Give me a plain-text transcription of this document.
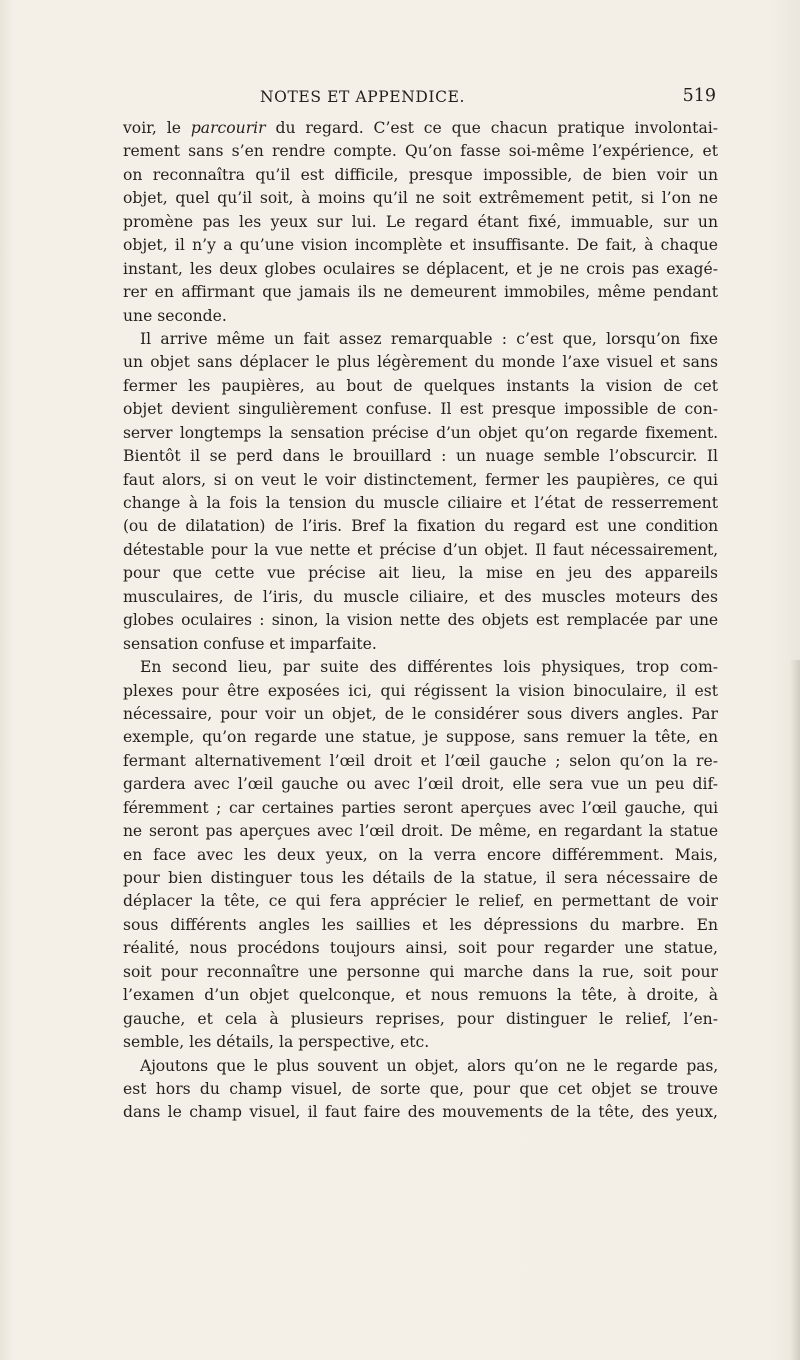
NOTES ET APPENDICE.	519
voir, le parcourir du regard. C’est ce que chacun pratique involontai-
rement sans s’en rendre compte. Qu’on fasse soi-même l’expérience, et
on reconnaîtra qu’il est difficile, presque impossible, de bien voir un
objet, quel qu’il soit, à moins qu’il ne soit extrêmement petit, si l’on ne
promène pas les yeux sur lui. Le regard étant fixé, immuable, sur un
objet, il n’y a qu’une vision incomplète et insuffisante. De fait, à chaque
instant, les deux globes oculaires se déplacent, et je ne crois pas exagé-
rer en affirmant que jamais ils ne demeurent immobiles, même pendant
une seconde.
Il arrive même un fait assez remarquable : c’est que, lorsqu’on fixe
un objet sans déplacer le plus légèrement du monde l’axe visuel et sans
fermer les paupières, au bout de quelques instants la vision de cet
objet devient singulièrement confuse. Il est presque impossible de con-
server longtemps la sensation précise d’un objet qu’on regarde fixement.
Bientôt il se perd dans le brouillard : un nuage semble l’obscurcir. Il
faut alors, si on veut le voir distinctement, fermer les paupières, ce qui
change à la fois la tension du muscle ciliaire et l’état de resserrement
(ou de dilatation) de l’iris. Bref la fixation du regard est une condition
détestable pour la vue nette et précise d’un objet. Il faut nécessairement,
pour que cette vue précise ait lieu, la mise en jeu des appareils
musculaires, de l’iris, du muscle ciliaire, et des muscles moteurs des
globes oculaires : sinon, la vision nette des objets est remplacée par une
sensation confuse et imparfaite.
En second lieu, par suite des différentes lois physiques, trop com-
plexes pour être exposées ici, qui régissent la vision binoculaire, il est
nécessaire, pour voir un objet, de le considérer sous divers angles. Par
exemple, qu’on regarde une statue, je suppose, sans remuer la tête, en
fermant alternativement l’œil droit et l’œil gauche ; selon qu’on la re-
gardera avec l’œil gauche ou avec l’œil droit, elle sera vue un peu dif-
féremment ; car certaines parties seront aperçues avec l’œil gauche, qui
ne seront pas aperçues avec l’œil droit. De même, en regardant la statue
en face avec les deux yeux, on la verra encore différemment. Mais,
pour bien distinguer tous les détails de la statue, il sera nécessaire de
déplacer la tête, ce qui fera apprécier le relief, en permettant de voir
sous différents angles les saillies et les dépressions du marbre. En
réalité, nous procédons toujours ainsi, soit pour regarder une statue,
soit pour reconnaître une personne qui marche dans la rue, soit pour
l’examen d’un objet quelconque, et nous remuons la tête, à droite, à
gauche, et cela à plusieurs reprises, pour distinguer le relief, l’en-
semble, les détails, la perspective, etc.
Ajoutons que le plus souvent un objet, alors qu’on ne le regarde pas,
est hors du champ visuel, de sorte que, pour que cet objet se trouve
dans le champ visuel, il faut faire des mouvements de la tête, des yeux,
